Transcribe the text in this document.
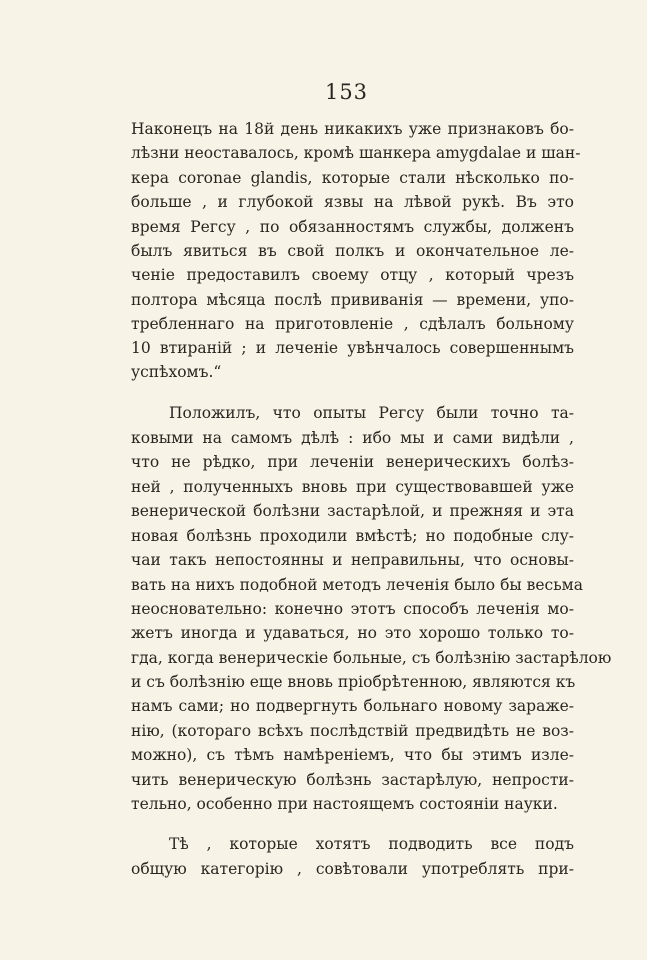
153
Наконецъ на 18й день никакихъ уже признаковъ бо-
лѣзни неоставалось, кромѣ шанкера amygdalae и шан-
кера coronae glandis, которые стали нѣсколько по-
больше , и глубокой язвы на лѣвой рукѣ. Въ это
время Регсу , по обязанностямъ службы, долженъ
былъ явиться въ свой полкъ и окончательное ле-
ченіе предоставилъ своему отцу , который чрезъ
полтора мѣсяца послѣ прививанія — времени, упо-
требленнаго на приготовленіе , сдѣлалъ больному
10 втираній ; и леченіе увѣнчалось совершеннымъ
успѣхомъ.“
Положилъ, что опыты Регсу были точно та-
ковыми на самомъ дѣлѣ : ибо мы и сами видѣли ,
что не рѣдко, при леченіи венерическихъ болѣз-
ней , полученныхъ вновь при существовавшей уже
венерической болѣзни застарѣлой, и прежняя и эта
новая болѣзнь проходили вмѣстѣ; но подобные слу-
чаи такъ непостоянны и неправильны, что основы-
вать на нихъ подобной методъ леченія было бы весьма
неосновательно: конечно этотъ способъ леченія мо-
жетъ иногда и удаваться, но это хорошо только то-
гда, когда венерическіе больные, съ болѣзнію застарѣлою
и съ болѣзнію еще вновь пріобрѣтенною, являются къ
намъ сами; но подвергнуть больнаго новому зараже-
нію, (котораго всѣхъ послѣдствій предвидѣть не воз-
можно), съ тѣмъ намѣреніемъ, что бы этимъ изле-
чить венерическую болѣзнь застарѣлую, непрости-
тельно, особенно при настоящемъ состояніи науки.
Тѣ , которые хотятъ подводить все подъ
общую категорію , совѣтовали употреблять при-
